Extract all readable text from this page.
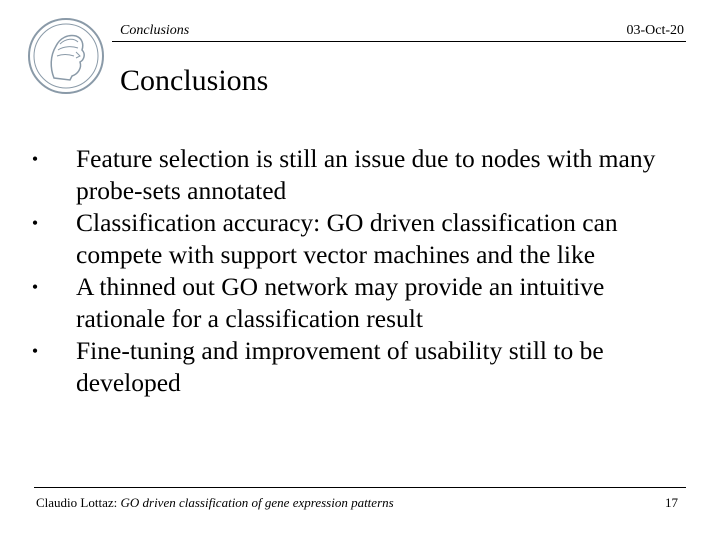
Conclusions	03-Oct-20
Conclusions
• Feature selection is still an issue due to nodes with many probe-sets annotated
• Classification accuracy: GO driven classification can compete with support vector machines and the like
• A thinned out GO network may provide an intuitive rationale for a classification result
• Fine-tuning and improvement of usability still to be developed
Claudio Lottaz: GO driven classification of gene expression patterns	17
